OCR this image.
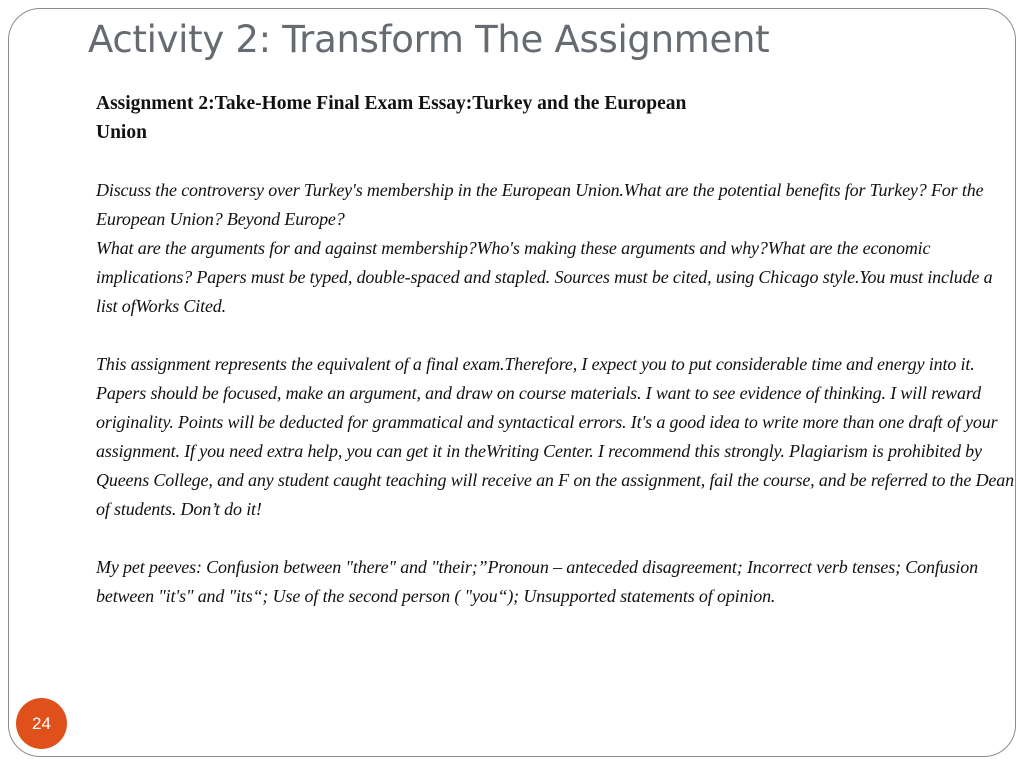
Activity 2: Transform The Assignment

Assignment 2:Take-Home Final Exam Essay:Turkey and the European Union

Discuss the controversy over Turkey's membership in the European Union.What are the potential benefits for Turkey? For the European Union? Beyond Europe?

What are the arguments for and against membership?Who's making these arguments and why?What are the economic implications? Papers must be typed, double-spaced and stapled. Sources must be cited, using Chicago style.You must include a list ofWorks Cited.

This assignment represents the equivalent of a final exam.Therefore, I expect you to put considerable time and energy into it. Papers should be focused, make an argument, and draw on course materials. I want to see evidence of thinking. I will reward originality. Points will be deducted for grammatical and syntactical errors. It's a good idea to write more than one draft of your assignment. If you need extra help, you can get it in theWriting Center. I recommend this strongly. Plagiarism is prohibited by Queens College, and any student caught teaching will receive an F on the assignment, fail the course, and be referred to the Dean of students. Don’t do it!

My pet peeves: Confusion between "there" and "their;”Pronoun – anteceded disagreement; Incorrect verb tenses; Confusion between "it's" and "its“; Use of the second person ( "you“); Unsupported statements of opinion.

24
